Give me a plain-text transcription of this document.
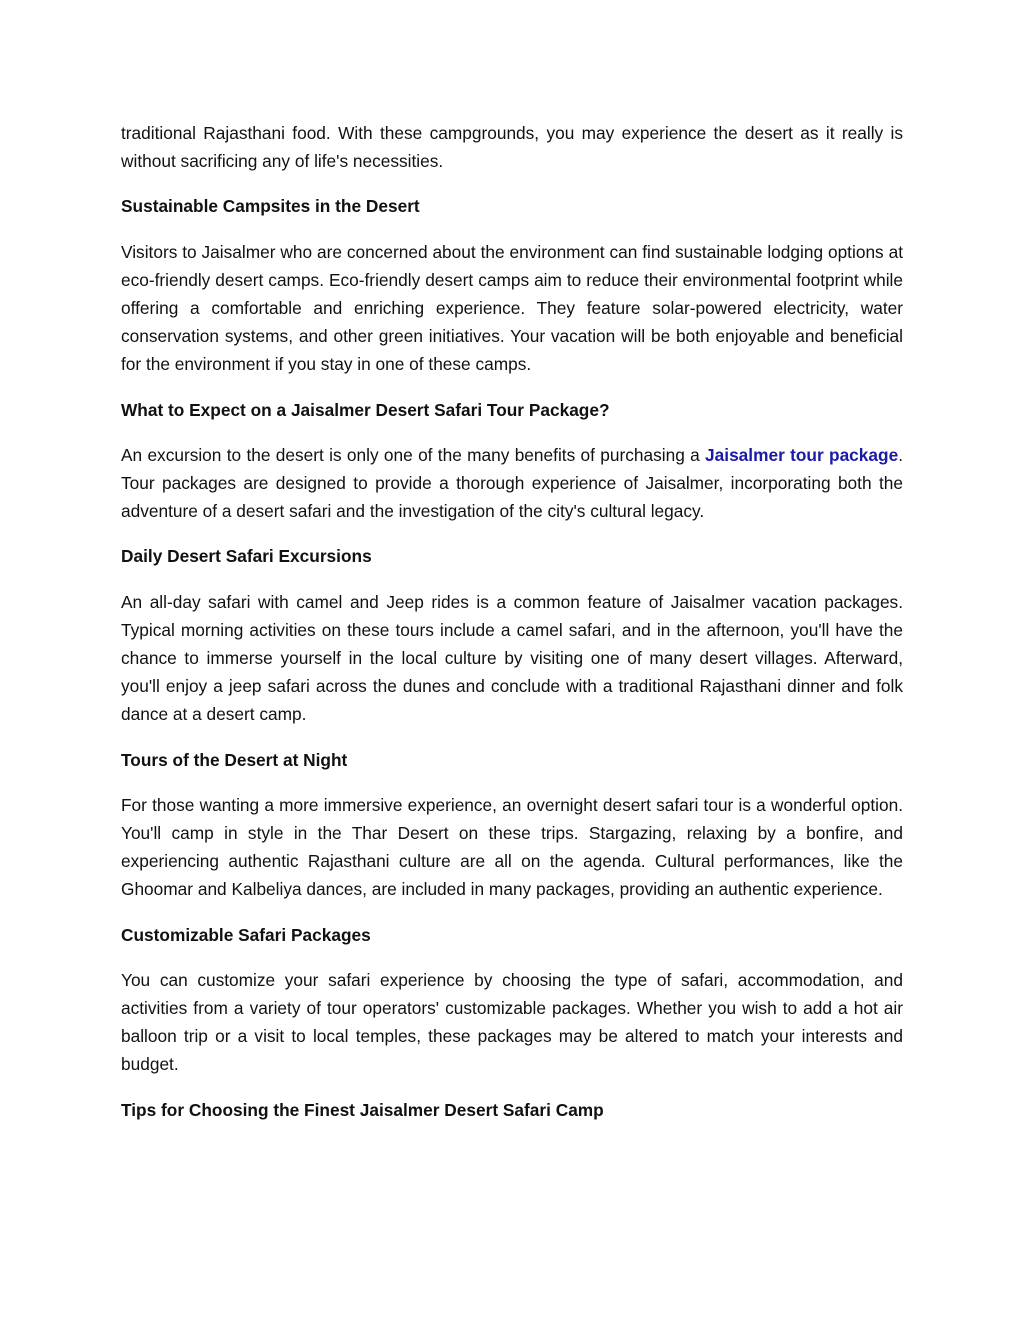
traditional Rajasthani food. With these campgrounds, you may experience the desert as it really is without sacrificing any of life's necessities.

Sustainable Campsites in the Desert

Visitors to Jaisalmer who are concerned about the environment can find sustainable lodging options at eco-friendly desert camps. Eco-friendly desert camps aim to reduce their environmental footprint while offering a comfortable and enriching experience. They feature solar-powered electricity, water conservation systems, and other green initiatives. Your vacation will be both enjoyable and beneficial for the environment if you stay in one of these camps.

What to Expect on a Jaisalmer Desert Safari Tour Package?

An excursion to the desert is only one of the many benefits of purchasing a Jaisalmer tour package. Tour packages are designed to provide a thorough experience of Jaisalmer, incorporating both the adventure of a desert safari and the investigation of the city's cultural legacy.

Daily Desert Safari Excursions

An all-day safari with camel and Jeep rides is a common feature of Jaisalmer vacation packages. Typical morning activities on these tours include a camel safari, and in the afternoon, you'll have the chance to immerse yourself in the local culture by visiting one of many desert villages. Afterward, you'll enjoy a jeep safari across the dunes and conclude with a traditional Rajasthani dinner and folk dance at a desert camp.

Tours of the Desert at Night

For those wanting a more immersive experience, an overnight desert safari tour is a wonderful option. You'll camp in style in the Thar Desert on these trips. Stargazing, relaxing by a bonfire, and experiencing authentic Rajasthani culture are all on the agenda. Cultural performances, like the Ghoomar and Kalbeliya dances, are included in many packages, providing an authentic experience.

Customizable Safari Packages

You can customize your safari experience by choosing the type of safari, accommodation, and activities from a variety of tour operators' customizable packages. Whether you wish to add a hot air balloon trip or a visit to local temples, these packages may be altered to match your interests and budget.

Tips for Choosing the Finest Jaisalmer Desert Safari Camp
